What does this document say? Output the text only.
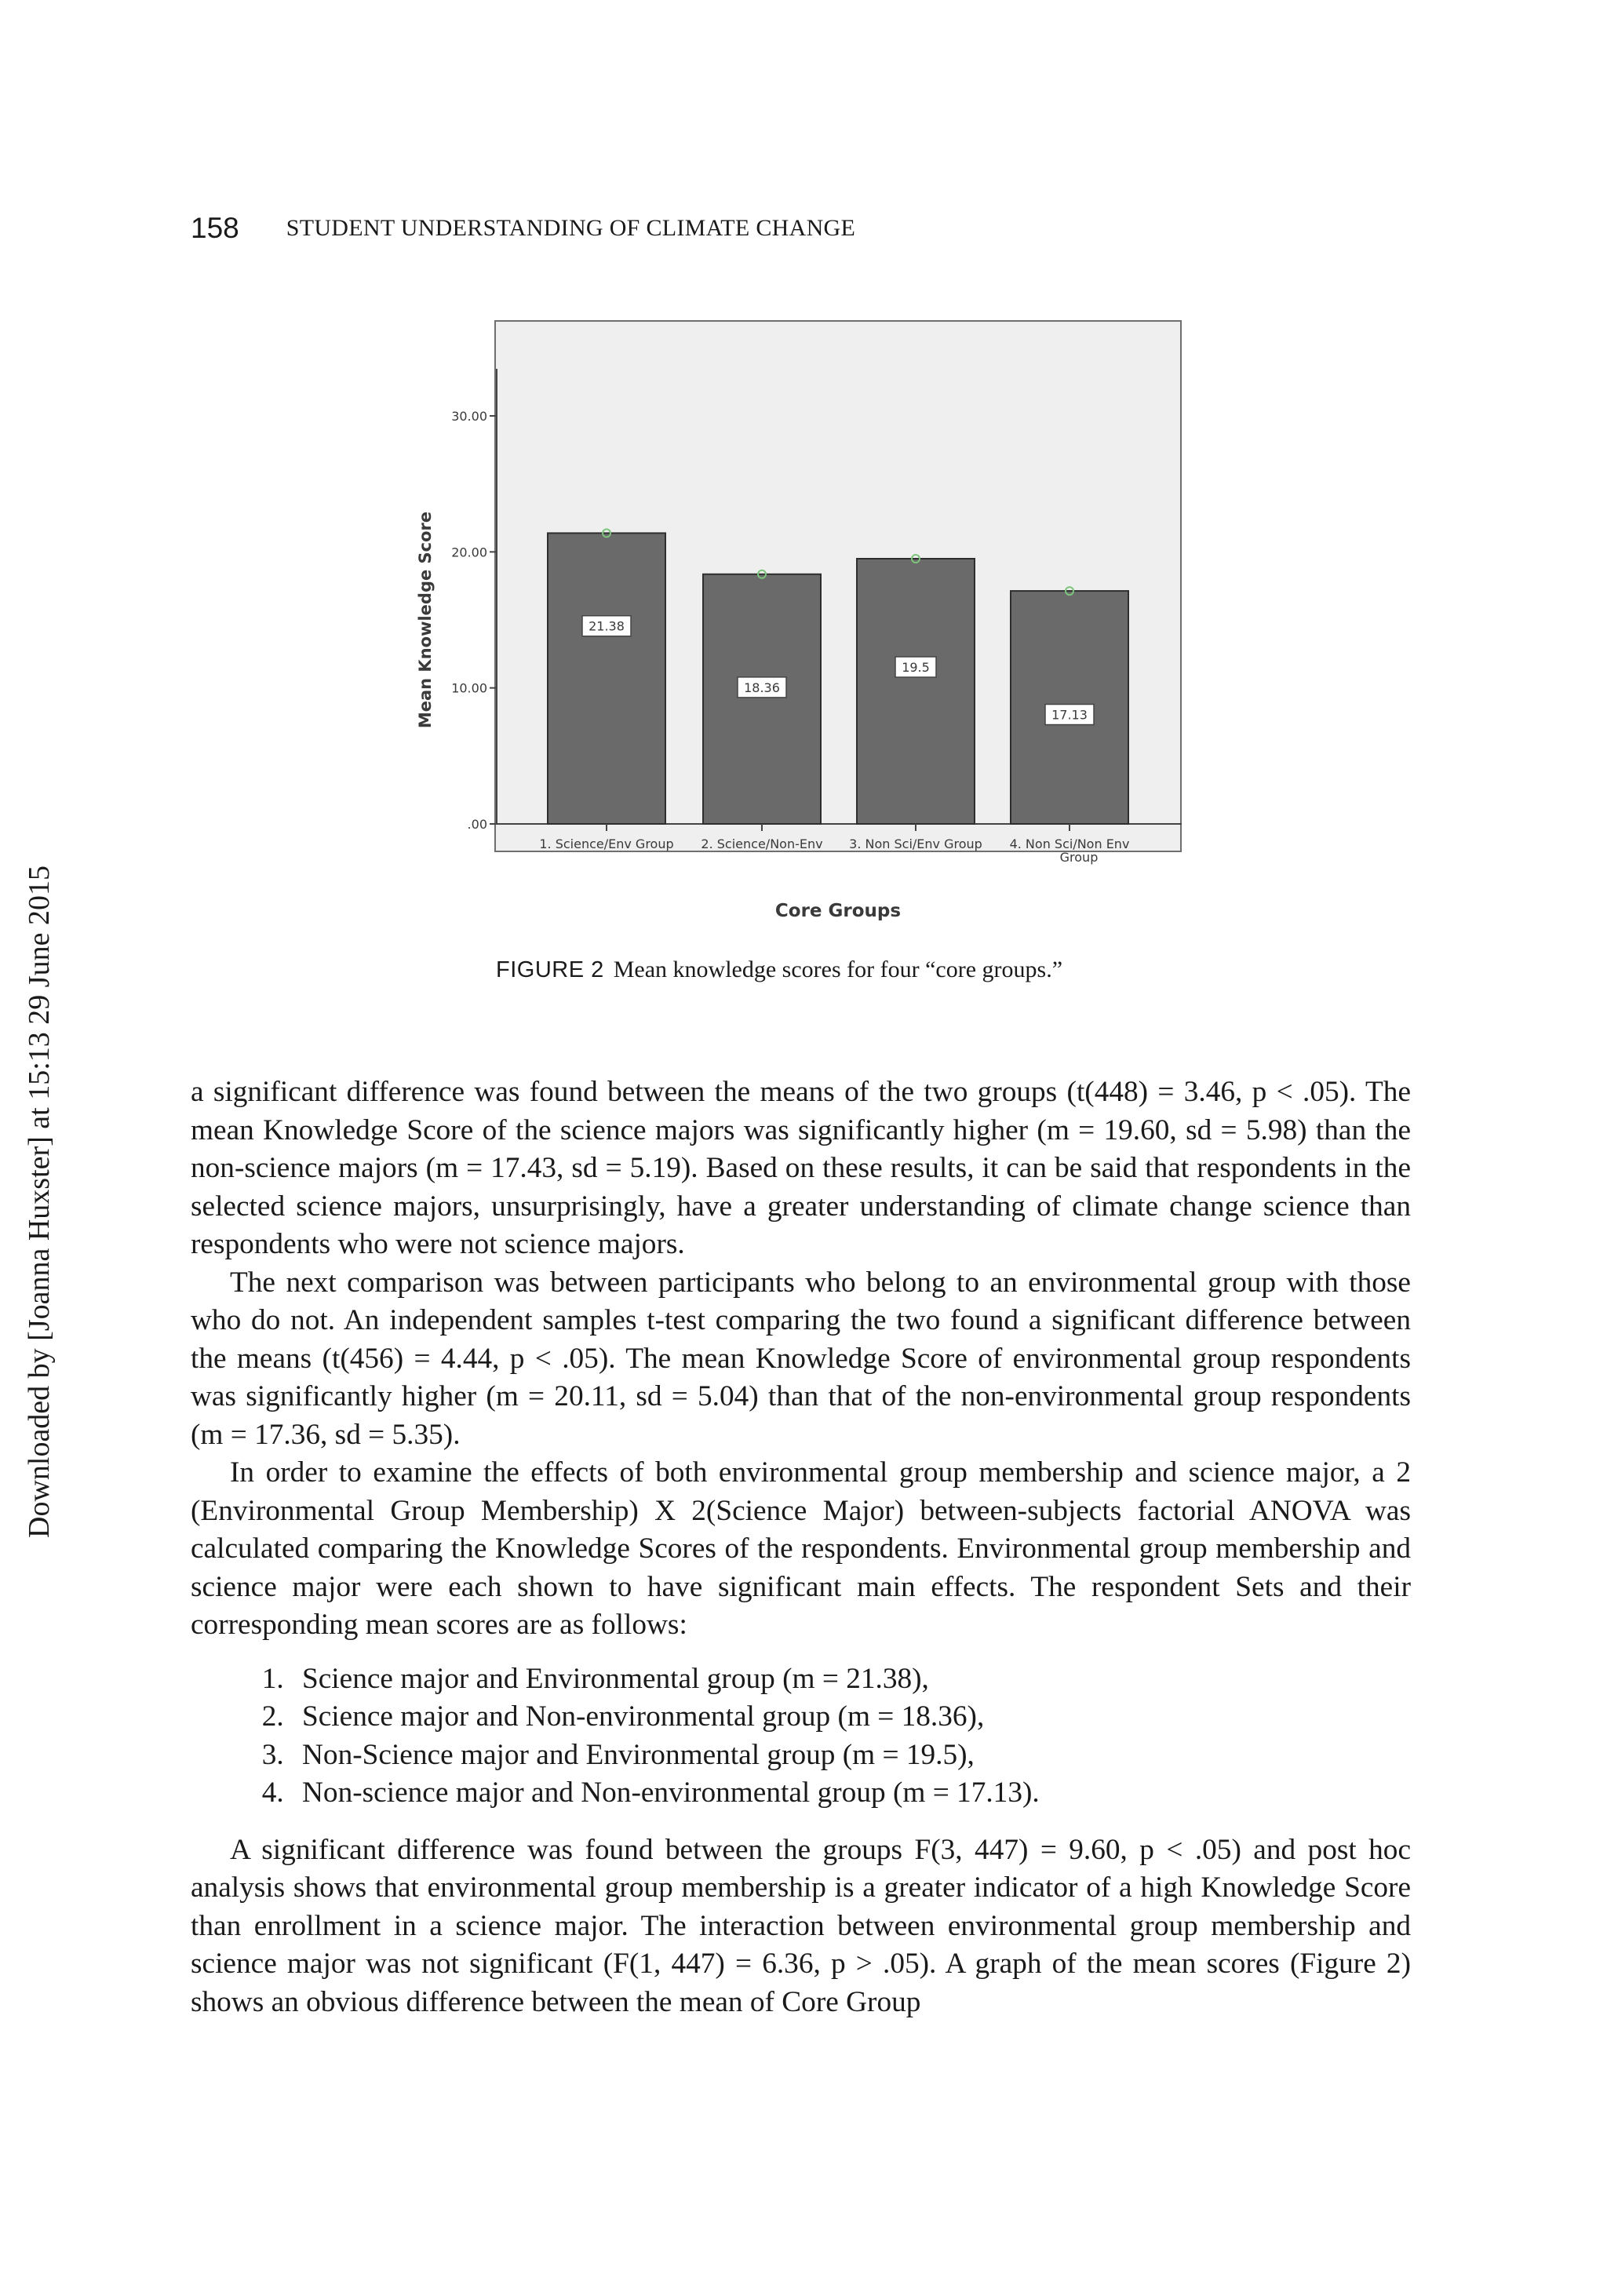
Downloaded by [Joanna Huxster] at 15:13 29 June 2015
158 STUDENT UNDERSTANDING OF CLIMATE CHANGE
.00
10.00
20.00
30.00
Mean Knowledge Score	21.38
1. Science/Env Group
18.36
2. Science/Non-Env
19.5
3. Non Sci/Env Group
17.13
4. Non Sci/Non Env
Group
Core Groups
FIGURE 2 Mean knowledge scores for four “core groups.”

a significant difference was found between the means of the two groups (t(448) = 3.46, p < .05). The mean Knowledge Score of the science majors was significantly higher (m = 19.60, sd = 5.98) than the non-science majors (m = 17.43, sd = 5.19). Based on these results, it can be said that respondents in the selected science majors, unsurprisingly, have a greater understanding of climate change science than respondents who were not science majors.

The next comparison was between participants who belong to an environmental group with those who do not. An independent samples t-test comparing the two found a significant difference between the means (t(456) = 4.44, p < .05). The mean Knowledge Score of environmental group respondents was significantly higher (m = 20.11, sd = 5.04) than that of the non-environmental group respondents (m = 17.36, sd = 5.35).

In order to examine the effects of both environmental group membership and science major, a 2 (Environmental Group Membership) X 2(Science Major) between-subjects factorial ANOVA was calculated comparing the Knowledge Scores of the respondents. Environmental group membership and science major were each shown to have significant main effects. The respondent Sets and their corresponding mean scores are as follows:

1. Science major and Environmental group (m = 21.38),
2. Science major and Non-environmental group (m = 18.36),
3. Non-Science major and Environmental group (m = 19.5),
4. Non-science major and Non-environmental group (m = 17.13).

A significant difference was found between the groups F(3, 447) = 9.60, p < .05) and post hoc analysis shows that environmental group membership is a greater indicator of a high Knowledge Score than enrollment in a science major. The interaction between environmental group membership and science major was not significant (F(1, 447) = 6.36, p > .05). A graph of the mean scores (Figure 2) shows an obvious difference between the mean of Core Group
